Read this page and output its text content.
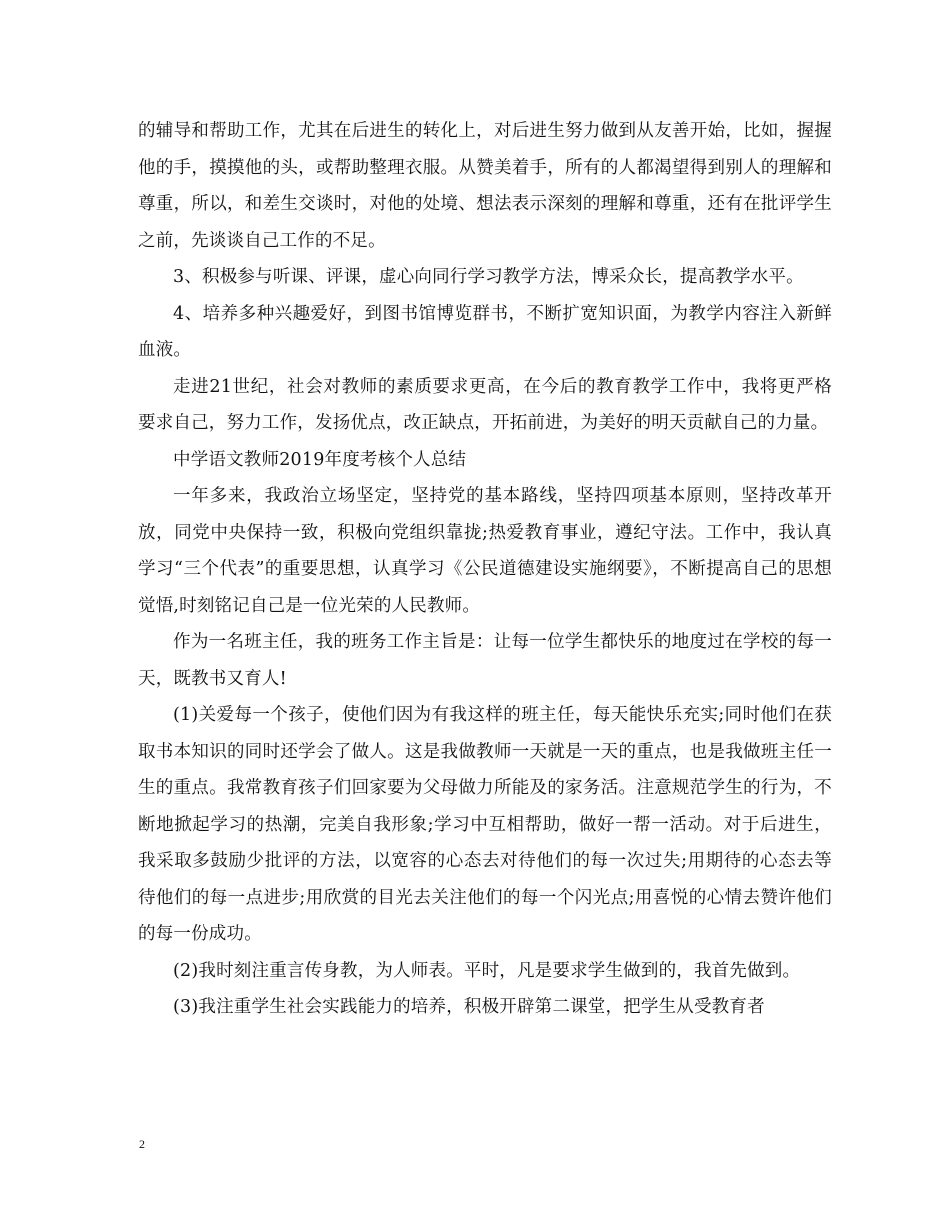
的辅导和帮助工作，尤其在后进生的转化上，对后进生努力做到从友善开始，比如，握握他的手，摸摸他的头，或帮助整理衣服。从赞美着手，所有的人都渴望得到别人的理解和尊重，所以，和差生交谈时，对他的处境、想法表示深刻的理解和尊重，还有在批评学生之前，先谈谈自己工作的不足。

3、积极参与听课、评课，虚心向同行学习教学方法，博采众长，提高教学水平。

4、培养多种兴趣爱好，到图书馆博览群书，不断扩宽知识面，为教学内容注入新鲜血液。

走进21世纪，社会对教师的素质要求更高，在今后的教育教学工作中，我将更严格要求自己，努力工作，发扬优点，改正缺点，开拓前进，为美好的明天贡献自己的力量。

中学语文教师2019年度考核个人总结

一年多来，我政治立场坚定，坚持党的基本路线，坚持四项基本原则，坚持改革开放，同党中央保持一致，积极向党组织靠拢;热爱教育事业，遵纪守法。工作中，我认真学习“三个代表”的重要思想，认真学习《公民道德建设实施纲要》，不断提高自己的思想觉悟,时刻铭记自己是一位光荣的人民教师。

作为一名班主任，我的班务工作主旨是：让每一位学生都快乐的地度过在学校的每一天，既教书又育人!

(1)关爱每一个孩子，使他们因为有我这样的班主任，每天能快乐充实;同时他们在获取书本知识的同时还学会了做人。这是我做教师一天就是一天的重点，也是我做班主任一生的重点。我常教育孩子们回家要为父母做力所能及的家务活。注意规范学生的行为，不断地掀起学习的热潮，完美自我形象;学习中互相帮助，做好一帮一活动。对于后进生，我采取多鼓励少批评的方法，以宽容的心态去对待他们的每一次过失;用期待的心态去等待他们的每一点进步;用欣赏的目光去关注他们的每一个闪光点;用喜悦的心情去赞许他们的每一份成功。

(2)我时刻注重言传身教，为人师表。平时，凡是要求学生做到的，我首先做到。

(3)我注重学生社会实践能力的培养，积极开辟第二课堂，把学生从受教育者

2
